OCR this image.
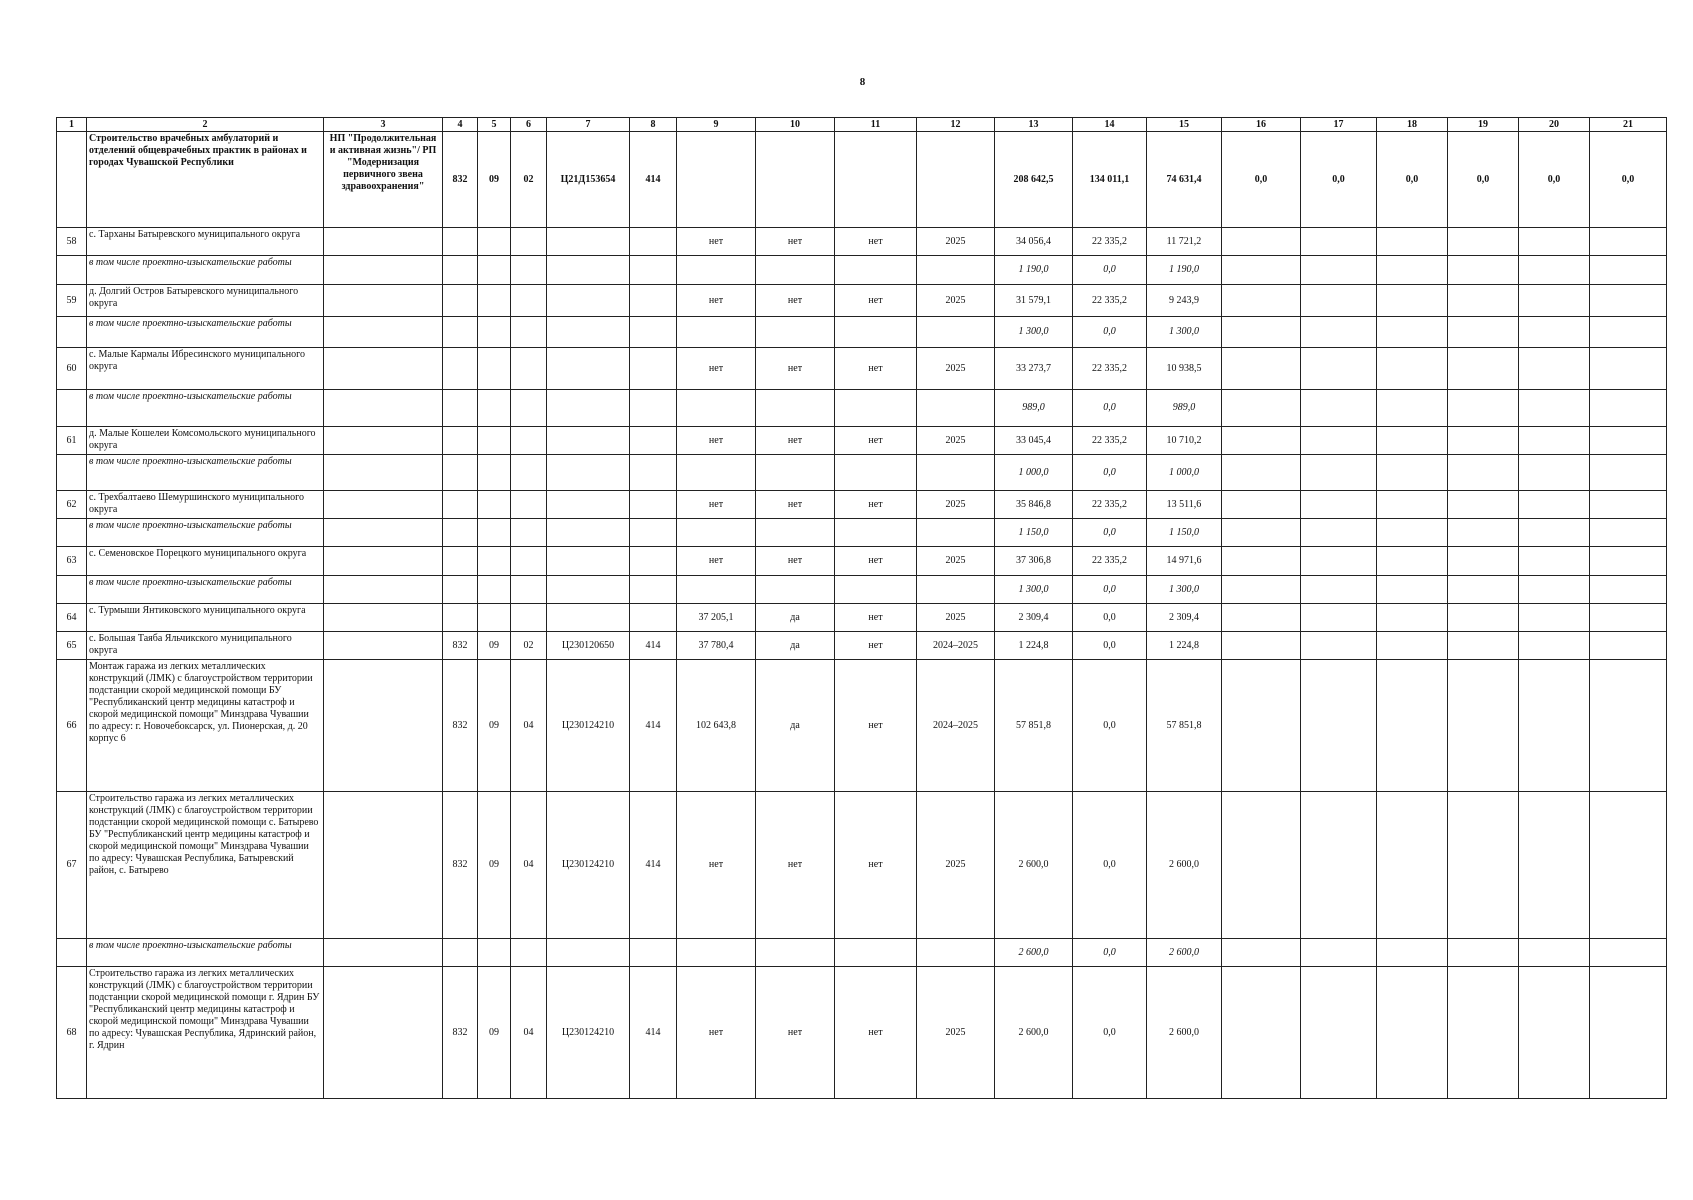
8
1	2	3	4	5	6	7	8	9	10	11	12	13	14	15	16	17	18	19	20	21
	Строительство врачебных амбулаторий и отделений общеврачебных практик в районах и городах Чувашской Республики	НП "Продолжительная и активная жизнь"/ РП "Модернизация первичного звена здравоохранения"	832	09	02	Ц21Д153654	414					208 642,5	134 011,1	74 631,4	0,0	0,0	0,0	0,0	0,0	0,0
58	с. Тарханы Батыревского муниципального округа							нет	нет	нет	2025	34 056,4	22 335,2	11 721,2						
	в том числе проектно-изыскательские работы											1 190,0	0,0	1 190,0						
59	д. Долгий Остров Батыревского муниципального округа							нет	нет	нет	2025	31 579,1	22 335,2	9 243,9						
	в том числе проектно-изыскательские работы											1 300,0	0,0	1 300,0						
60	с. Малые Кармалы Ибресинского муниципального округа							нет	нет	нет	2025	33 273,7	22 335,2	10 938,5						
	в том числе проектно-изыскательские работы											989,0	0,0	989,0						
61	д. Малые Кошелеи Комсомольского муниципального округа							нет	нет	нет	2025	33 045,4	22 335,2	10 710,2						
	в том числе проектно-изыскательские работы											1 000,0	0,0	1 000,0						
62	с. Трехбалтаево Шемуршинского муниципального округа							нет	нет	нет	2025	35 846,8	22 335,2	13 511,6						
	в том числе проектно-изыскательские работы											1 150,0	0,0	1 150,0						
63	с. Семеновское Порецкого муниципального округа							нет	нет	нет	2025	37 306,8	22 335,2	14 971,6						
	в том числе проектно-изыскательские работы											1 300,0	0,0	1 300,0						
64	с. Турмыши Янтиковского муниципального округа							37 205,1	да	нет	2025	2 309,4	0,0	2 309,4						
65	с. Большая Таяба Яльчикского муниципального округа		832	09	02	Ц230120650	414	37 780,4	да	нет	2024–2025	1 224,8	0,0	1 224,8						
66	Монтаж гаража из легких металлических конструкций (ЛМК) с благоустройством территории подстанции скорой медицинской помощи БУ "Республиканский центр медицины катастроф и скорой медицинской помощи" Минздрава Чувашии по адресу: г. Новочебоксарск, ул. Пионерская, д. 20 корпус 6		832	09	04	Ц230124210	414	102 643,8	да	нет	2024–2025	57 851,8	0,0	57 851,8						
67	Строительство гаража из легких металлических конструкций (ЛМК) с благоустройством территории подстанции скорой медицинской помощи с. Батырево БУ "Республиканский центр медицины катастроф и скорой медицинской помощи" Минздрава Чувашии по адресу: Чувашская Республика, Батыревский район, с. Батырево		832	09	04	Ц230124210	414	нет	нет	нет	2025	2 600,0	0,0	2 600,0						
	в том числе проектно-изыскательские работы											2 600,0	0,0	2 600,0						
68	Строительство гаража из легких металлических конструкций (ЛМК) с благоустройством территории подстанции скорой медицинской помощи г. Ядрин БУ "Республиканский центр медицины катастроф и скорой медицинской помощи" Минздрава Чувашии по адресу: Чувашская Республика, Ядринский район, г. Ядрин		832	09	04	Ц230124210	414	нет	нет	нет	2025	2 600,0	0,0	2 600,0						
